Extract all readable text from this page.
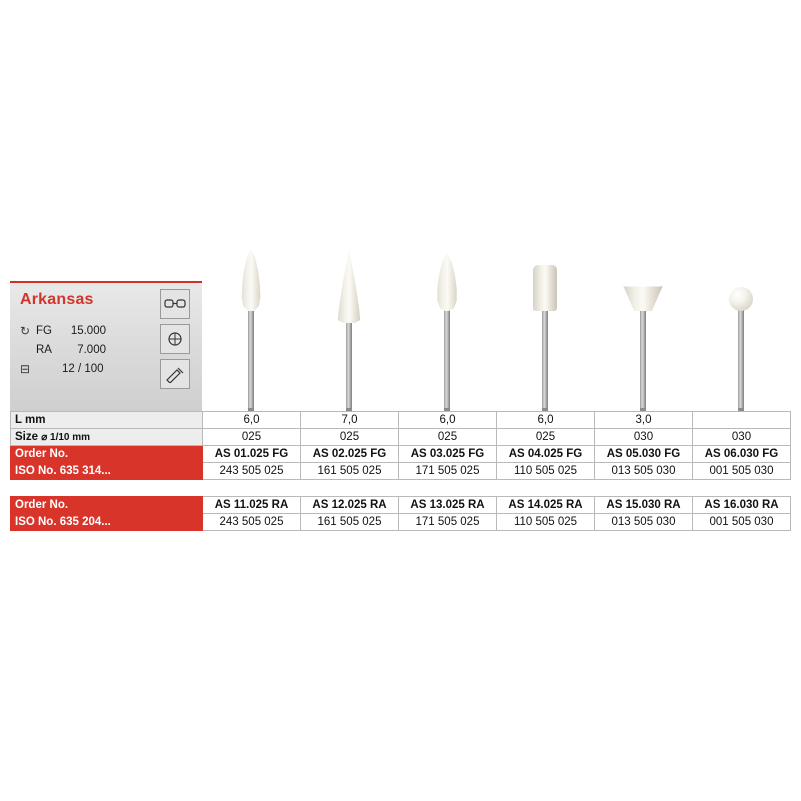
Arkansas
↻ FG	15.000
RA	7.000
⊟	12 / 100
L mm	6,0	7,0	6,0	6,0	3,0	
Size ⌀ 1/10 mm	025	025	025	025	030	030
Order No.	AS 01.025 FG	AS 02.025 FG	AS 03.025 FG	AS 04.025 FG	AS 05.030 FG	AS 06.030 FG
ISO No. 635 314...	243 505 025	161 505 025	171 505 025	110 505 025	013 505 030	001 505 030

Order No.	AS 11.025 RA	AS 12.025 RA	AS 13.025 RA	AS 14.025 RA	AS 15.030 RA	AS 16.030 RA
ISO No. 635 204...	243 505 025	161 505 025	171 505 025	110 505 025	013 505 030	001 505 030
